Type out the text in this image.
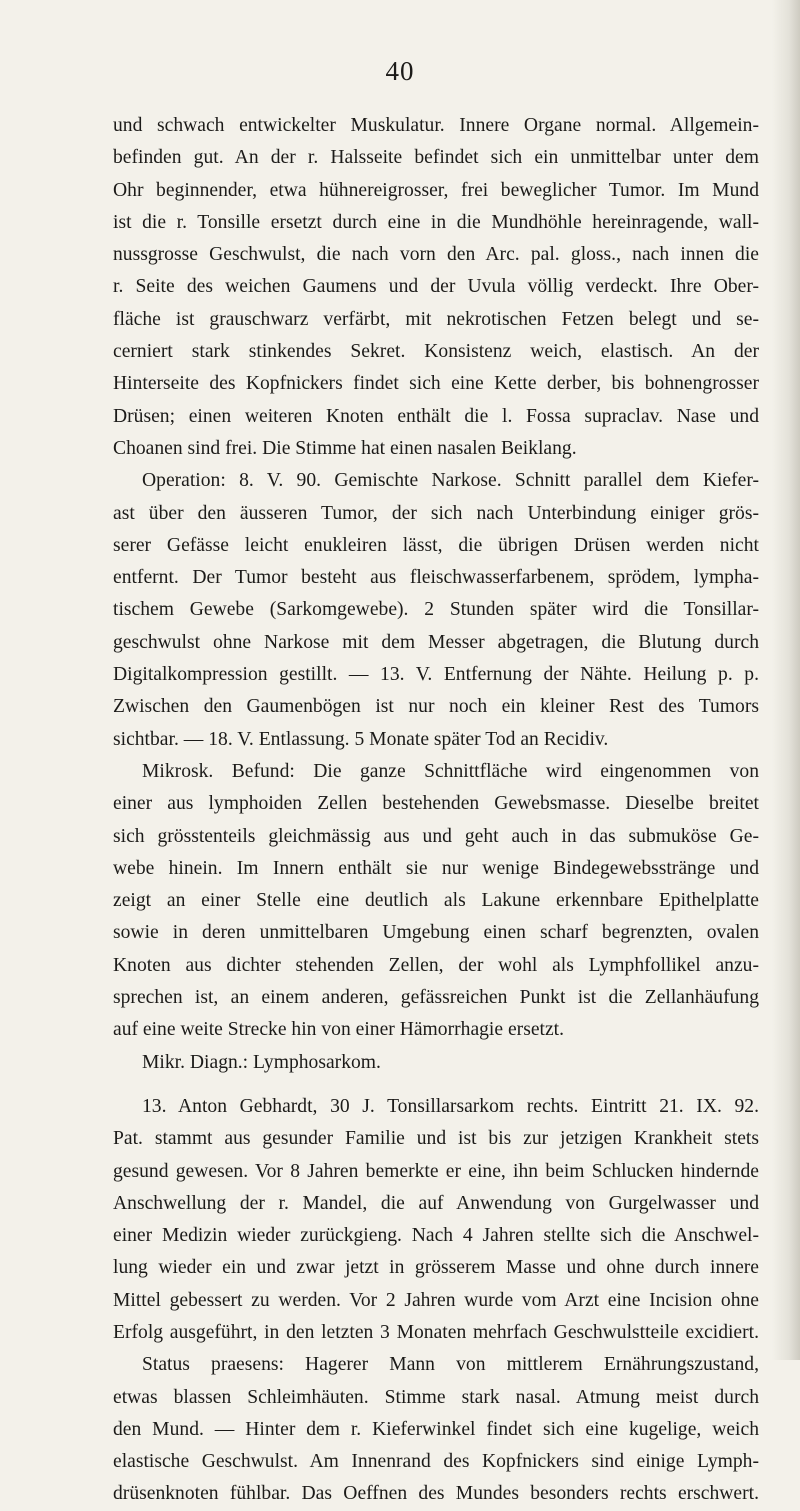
40
und schwach entwickelter Muskulatur. Innere Organe normal. Allgemein-
befinden gut. An der r. Halsseite befindet sich ein unmittelbar unter dem
Ohr beginnender, etwa hühnereigrosser, frei beweglicher Tumor. Im Mund
ist die r. Tonsille ersetzt durch eine in die Mundhöhle hereinragende, wall-
nussgrosse Geschwulst, die nach vorn den Arc. pal. gloss., nach innen die
r. Seite des weichen Gaumens und der Uvula völlig verdeckt. Ihre Ober-
fläche ist grauschwarz verfärbt, mit nekrotischen Fetzen belegt und se-
cerniert stark stinkendes Sekret. Konsistenz weich, elastisch. An der
Hinterseite des Kopfnickers findet sich eine Kette derber, bis bohnengrosser
Drüsen; einen weiteren Knoten enthält die l. Fossa supraclav. Nase und
Choanen sind frei. Die Stimme hat einen nasalen Beiklang.
Operation: 8. V. 90. Gemischte Narkose. Schnitt parallel dem Kiefer-
ast über den äusseren Tumor, der sich nach Unterbindung einiger grös-
serer Gefässe leicht enukleiren lässt, die übrigen Drüsen werden nicht
entfernt. Der Tumor besteht aus fleischwasserfarbenem, sprödem, lympha-
tischem Gewebe (Sarkomgewebe). 2 Stunden später wird die Tonsillar-
geschwulst ohne Narkose mit dem Messer abgetragen, die Blutung durch
Digitalkompression gestillt. — 13. V. Entfernung der Nähte. Heilung p. p.
Zwischen den Gaumenbögen ist nur noch ein kleiner Rest des Tumors
sichtbar. — 18. V. Entlassung. 5 Monate später Tod an Recidiv.
Mikrosk. Befund: Die ganze Schnittfläche wird eingenommen von
einer aus lymphoiden Zellen bestehenden Gewebsmasse. Dieselbe breitet
sich grösstenteils gleichmässig aus und geht auch in das submuköse Ge-
webe hinein. Im Innern enthält sie nur wenige Bindegewebsstränge und
zeigt an einer Stelle eine deutlich als Lakune erkennbare Epithelplatte
sowie in deren unmittelbaren Umgebung einen scharf begrenzten, ovalen
Knoten aus dichter stehenden Zellen, der wohl als Lymphfollikel anzu-
sprechen ist, an einem anderen, gefässreichen Punkt ist die Zellanhäufung
auf eine weite Strecke hin von einer Hämorrhagie ersetzt.
Mikr. Diagn.: Lymphosarkom.
13. Anton Gebhardt, 30 J. Tonsillarsarkom rechts. Eintritt 21. IX. 92.
Pat. stammt aus gesunder Familie und ist bis zur jetzigen Krankheit stets
gesund gewesen. Vor 8 Jahren bemerkte er eine, ihn beim Schlucken hindernde
Anschwellung der r. Mandel, die auf Anwendung von Gurgelwasser und
einer Medizin wieder zurückgieng. Nach 4 Jahren stellte sich die Anschwel-
lung wieder ein und zwar jetzt in grösserem Masse und ohne durch innere
Mittel gebessert zu werden. Vor 2 Jahren wurde vom Arzt eine Incision ohne
Erfolg ausgeführt, in den letzten 3 Monaten mehrfach Geschwulstteile excidiert.
Status praesens: Hagerer Mann von mittlerem Ernährungszustand,
etwas blassen Schleimhäuten. Stimme stark nasal. Atmung meist durch
den Mund. — Hinter dem r. Kieferwinkel findet sich eine kugelige, weich
elastische Geschwulst. Am Innenrand des Kopfnickers sind einige Lymph-
drüsenknoten fühlbar. Das Oeffnen des Mundes besonders rechts erschwert.
